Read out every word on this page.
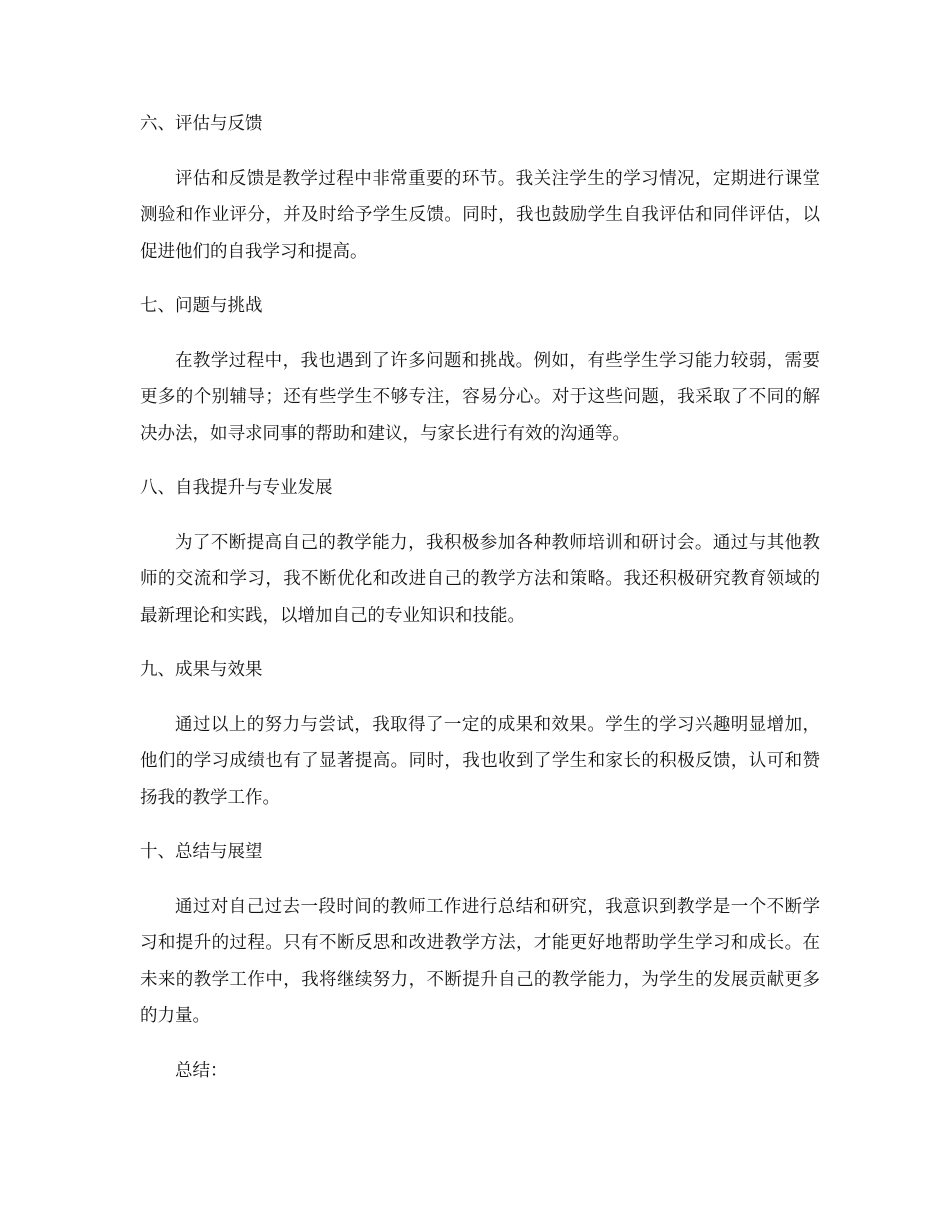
六、评估与反馈

评估和反馈是教学过程中非常重要的环节。我关注学生的学习情况，定期进行课堂测验和作业评分，并及时给予学生反馈。同时，我也鼓励学生自我评估和同伴评估，以促进他们的自我学习和提高。

七、问题与挑战

在教学过程中，我也遇到了许多问题和挑战。例如，有些学生学习能力较弱，需要更多的个别辅导；还有些学生不够专注，容易分心。对于这些问题，我采取了不同的解决办法，如寻求同事的帮助和建议，与家长进行有效的沟通等。

八、自我提升与专业发展

为了不断提高自己的教学能力，我积极参加各种教师培训和研讨会。通过与其他教师的交流和学习，我不断优化和改进自己的教学方法和策略。我还积极研究教育领域的最新理论和实践，以增加自己的专业知识和技能。

九、成果与效果

通过以上的努力与尝试，我取得了一定的成果和效果。学生的学习兴趣明显增加，他们的学习成绩也有了显著提高。同时，我也收到了学生和家长的积极反馈，认可和赞扬我的教学工作。

十、总结与展望

通过对自己过去一段时间的教师工作进行总结和研究，我意识到教学是一个不断学习和提升的过程。只有不断反思和改进教学方法，才能更好地帮助学生学习和成长。在未来的教学工作中，我将继续努力，不断提升自己的教学能力，为学生的发展贡献更多的力量。

总结：
